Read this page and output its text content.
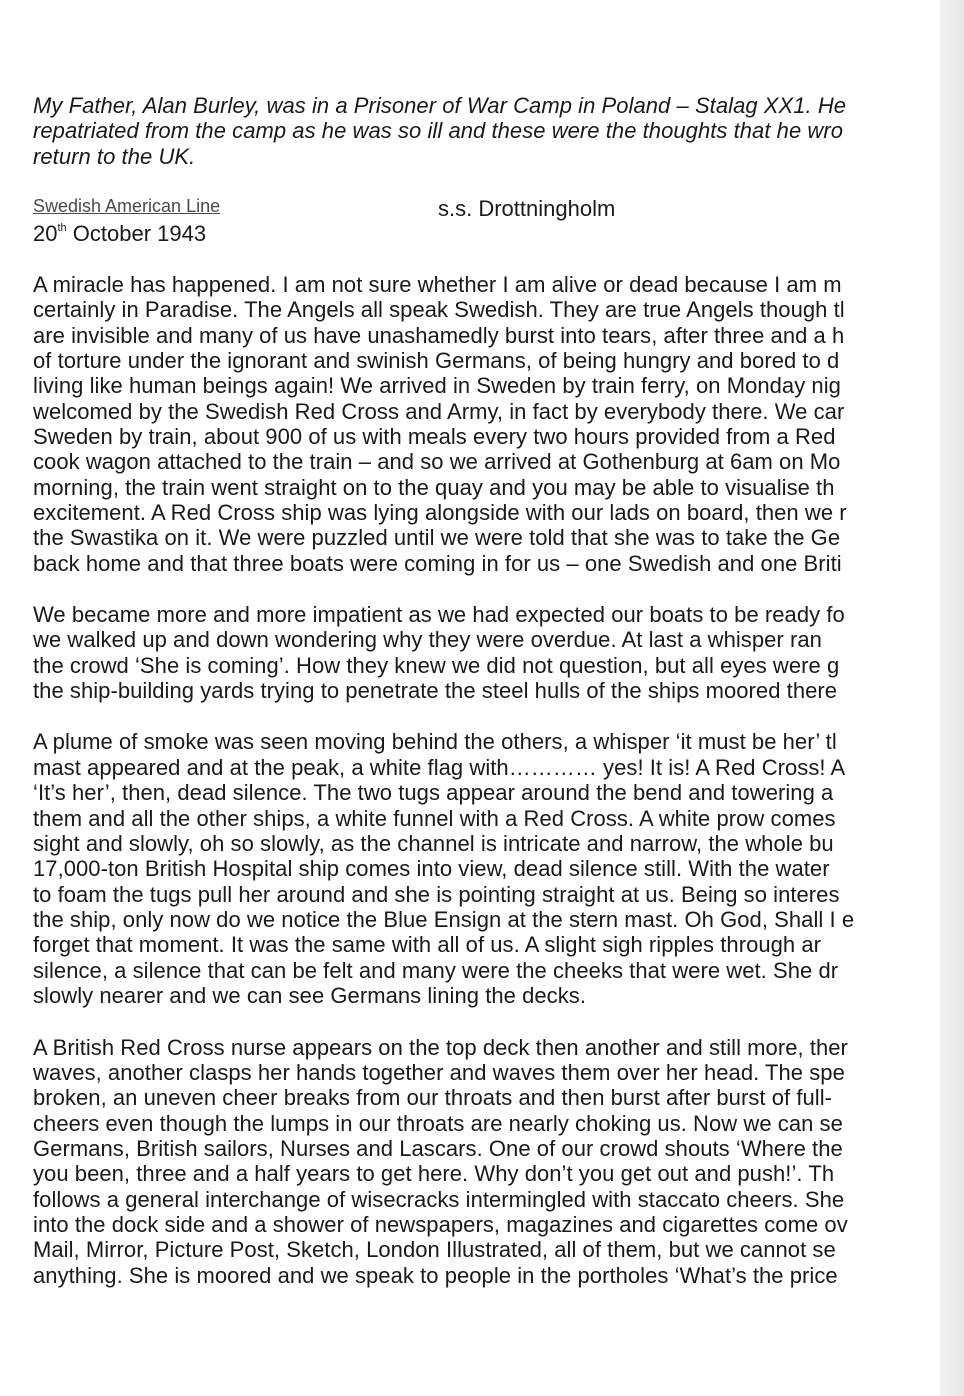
My Father, Alan Burley, was in a Prisoner of War Camp in Poland – Stalag XX1. He
repatriated from the camp as he was so ill and these were the thoughts that he wro
return to the UK.
Swedish American Line	s.s. Drottningholm
20th October 1943
A miracle has happened. I am not sure whether I am alive or dead because I am m
certainly in Paradise. The Angels all speak Swedish. They are true Angels though tl
are invisible and many of us have unashamedly burst into tears, after three and a h
of torture under the ignorant and swinish Germans, of being hungry and bored to d
living like human beings again! We arrived in Sweden by train ferry, on Monday nig
welcomed by the Swedish Red Cross and Army, in fact by everybody there. We car
Sweden by train, about 900 of us with meals every two hours provided from a Red
cook wagon attached to the train – and so we arrived at Gothenburg at 6am on Mo
morning, the train went straight on to the quay and you may be able to visualise th
excitement. A Red Cross ship was lying alongside with our lads on board, then we r
the Swastika on it. We were puzzled until we were told that she was to take the Ge
back home and that three boats were coming in for us – one Swedish and one Briti
We became more and more impatient as we had expected our boats to be ready fo
we walked up and down wondering why they were overdue. At last a whisper ran
the crowd ‘She is coming’. How they knew we did not question, but all eyes were g
the ship-building yards trying to penetrate the steel hulls of the ships moored there
A plume of smoke was seen moving behind the others, a whisper ‘it must be her’ tl
mast appeared and at the peak, a white flag with………… yes! It is! A Red Cross! A
‘It’s her’, then, dead silence. The two tugs appear around the bend and towering a
them and all the other ships, a white funnel with a Red Cross. A white prow comes
sight and slowly, oh so slowly, as the channel is intricate and narrow, the whole bu
17,000-ton British Hospital ship comes into view, dead silence still. With the water
to foam the tugs pull her around and she is pointing straight at us. Being so interes
the ship, only now do we notice the Blue Ensign at the stern mast. Oh God, Shall I e
forget that moment. It was the same with all of us. A slight sigh ripples through ar
silence, a silence that can be felt and many were the cheeks that were wet. She dr
slowly nearer and we can see Germans lining the decks.
A British Red Cross nurse appears on the top deck then another and still more, ther
waves, another clasps her hands together and waves them over her head. The spe
broken, an uneven cheer breaks from our throats and then burst after burst of full-
cheers even though the lumps in our throats are nearly choking us. Now we can se
Germans, British sailors, Nurses and Lascars. One of our crowd shouts ‘Where the
you been, three and a half years to get here. Why don’t you get out and push!’. Th
follows a general interchange of wisecracks intermingled with staccato cheers. She
into the dock side and a shower of newspapers, magazines and cigarettes come ov
Mail, Mirror, Picture Post, Sketch, London Illustrated, all of them, but we cannot se
anything. She is moored and we speak to people in the portholes ‘What’s the price
